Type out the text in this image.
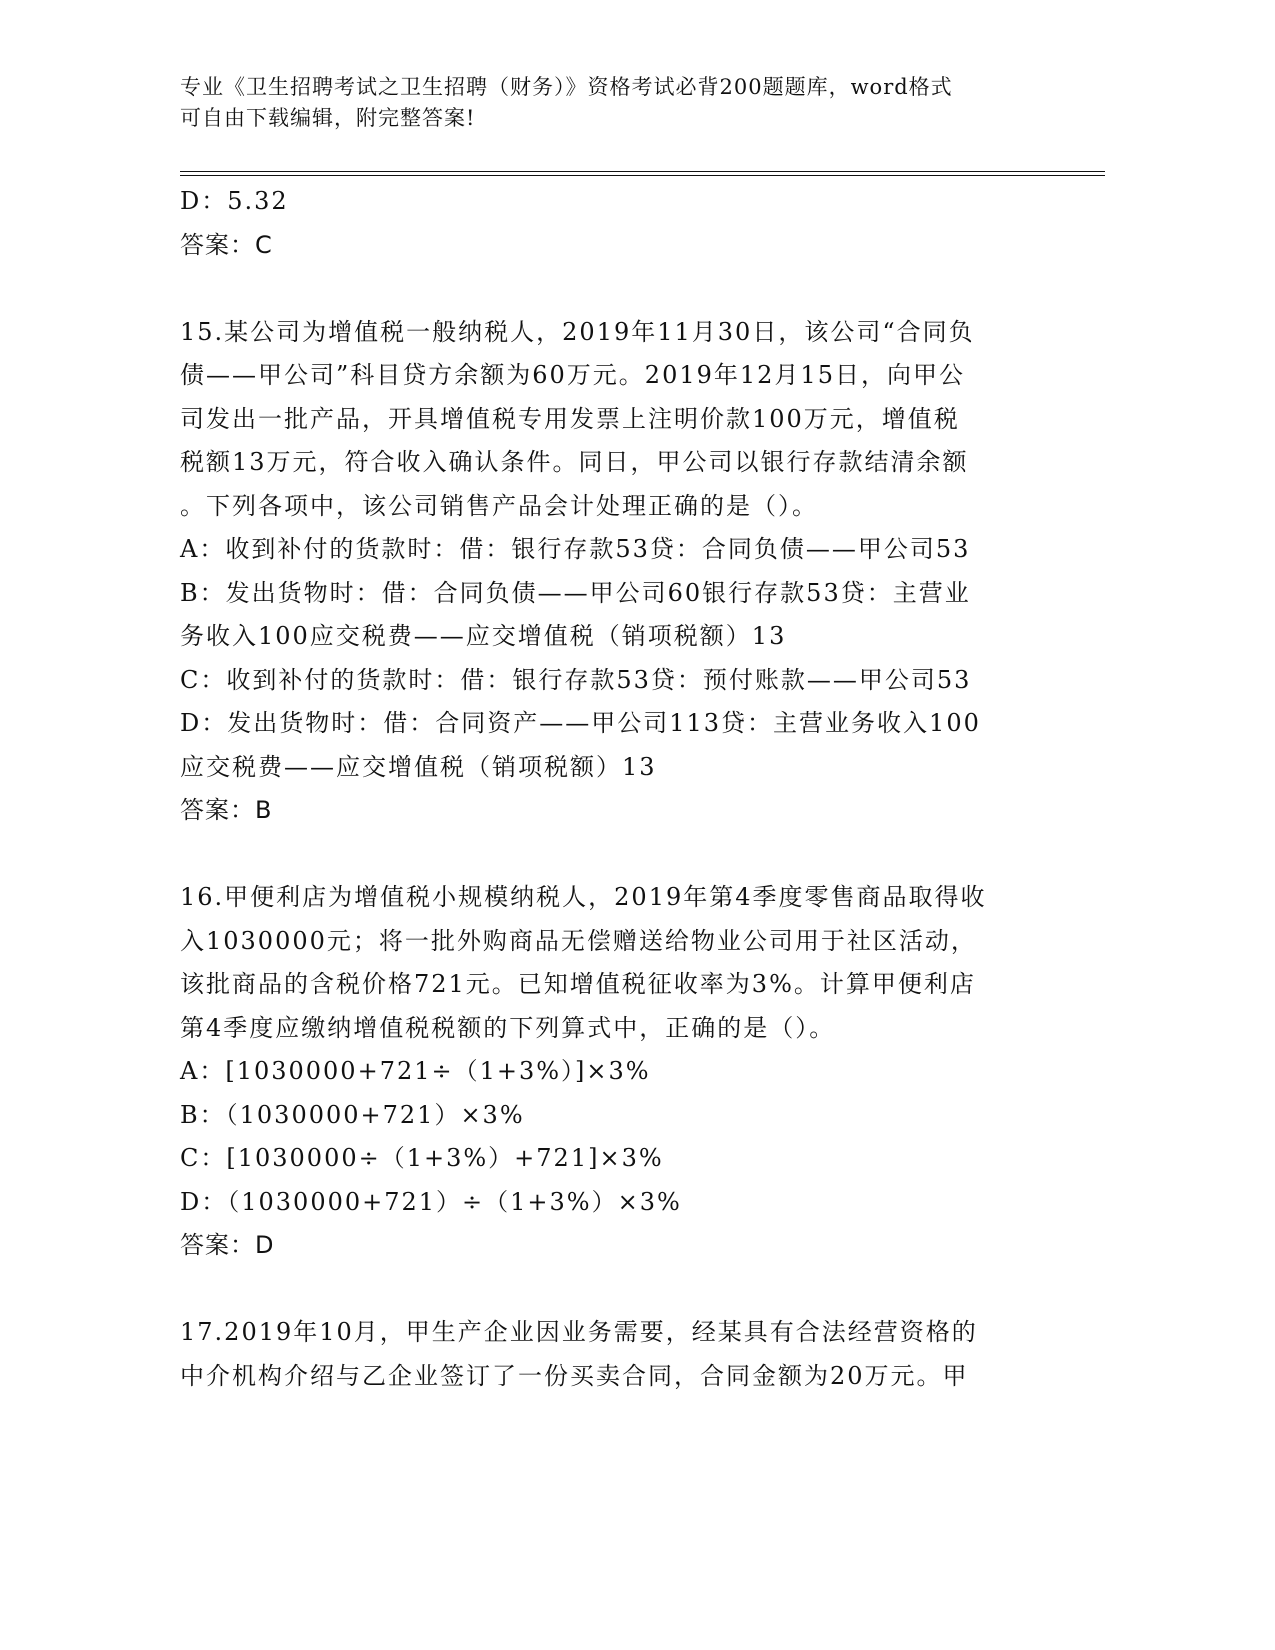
专业《卫生招聘考试之卫生招聘（财务）》资格考试必背200题题库，word格式
可自由下载编辑，附完整答案!
D：5.32
答案：C
15.某公司为增值税一般纳税人，2019年11月30日，该公司“合同负
债——甲公司”科目贷方余额为60万元。2019年12月15日，向甲公
司发出一批产品，开具增值税专用发票上注明价款100万元，增值税
税额13万元，符合收入确认条件。同日，甲公司以银行存款结清余额
。下列各项中，该公司销售产品会计处理正确的是（）。
A：收到补付的货款时：借：银行存款53贷：合同负债——甲公司53
B：发出货物时：借：合同负债——甲公司60银行存款53贷：主营业
务收入100应交税费——应交增值税（销项税额）13
C：收到补付的货款时：借：银行存款53贷：预付账款——甲公司53
D：发出货物时：借：合同资产——甲公司113贷：主营业务收入100
应交税费——应交增值税（销项税额）13
答案：B
16.甲便利店为增值税小规模纳税人，2019年第4季度零售商品取得收
入1030000元；将一批外购商品无偿赠送给物业公司用于社区活动，
该批商品的含税价格721元。已知增值税征收率为3%。计算甲便利店
第4季度应缴纳增值税税额的下列算式中，正确的是（）。
A：[1030000+721÷（1+3%）]×3%
B：（1030000+721）×3%
C：[1030000÷（1+3%）+721]×3%
D：（1030000+721）÷（1+3%）×3%
答案：D
17.2019年10月，甲生产企业因业务需要，经某具有合法经营资格的
中介机构介绍与乙企业签订了一份买卖合同，合同金额为20万元。甲
